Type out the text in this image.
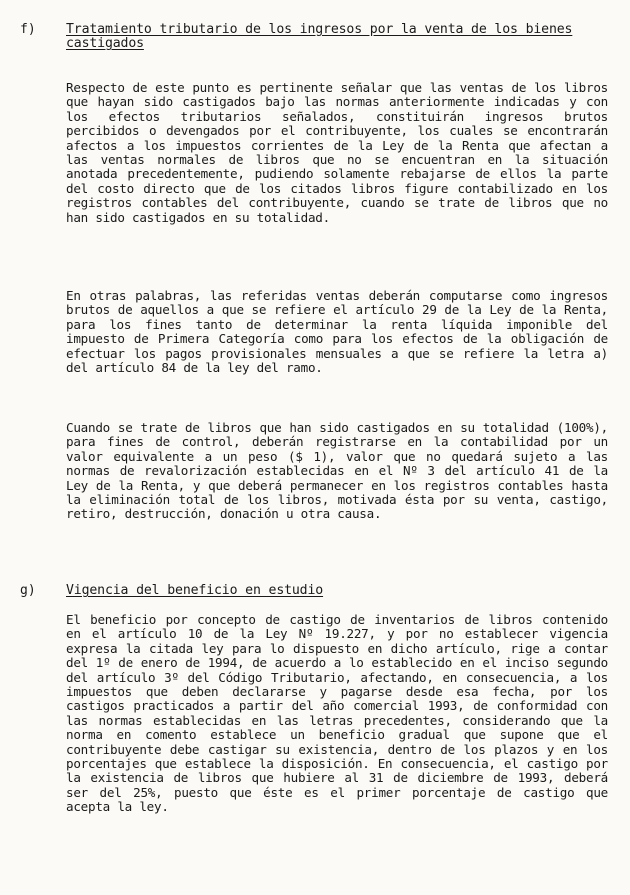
f) Tratamiento tributario de los ingresos por la venta de los bienes castigados
Respecto de este punto es pertinente señalar que las ventas de los libros que hayan sido castigados bajo las normas anteriormente indicadas y con los efectos tributarios señalados, constituirán ingresos brutos percibidos o devengados por el contribuyente, los cuales se encontrarán afectos a los impuestos corrientes de la Ley de la Renta que afectan a las ventas normales de libros que no se encuentran en la situación anotada precedentemente, pudiendo solamente rebajarse de ellos la parte del costo directo que de los citados libros figure contabilizado en los registros contables del contribuyente, cuando se trate de libros que no han sido castigados en su totalidad.
En otras palabras, las referidas ventas deberán computarse como ingresos brutos de aquellos a que se refiere el artículo 29 de la Ley de la Renta, para los fines tanto de determinar la renta líquida imponible del impuesto de Primera Categoría como para los efectos de la obligación de efectuar los pagos provisionales mensuales a que se refiere la letra a) del artículo 84 de la ley del ramo.
Cuando se trate de libros que han sido castigados en su totalidad (100%), para fines de control, deberán registrarse en la contabilidad por un valor equivalente a un peso ($ 1), valor que no quedará sujeto a las normas de revalorización establecidas en el Nº 3 del artículo 41 de la Ley de la Renta, y que deberá permanecer en los registros contables hasta la eliminación total de los libros, motivada ésta por su venta, castigo, retiro, destrucción, donación u otra causa.
g) Vigencia del beneficio en estudio
El beneficio por concepto de castigo de inventarios de libros contenido en el artículo 10 de la Ley Nº 19.227, y por no establecer vigencia expresa la citada ley para lo dispuesto en dicho artículo, rige a contar del 1º de enero de 1994, de acuerdo a lo establecido en el inciso segundo del artículo 3º del Código Tributario, afectando, en consecuencia, a los impuestos que deben declararse y pagarse desde esa fecha, por los castigos practicados a partir del año comercial 1993, de conformidad con las normas establecidas en las letras precedentes, considerando que la norma en comento establece un beneficio gradual que supone que el contribuyente debe castigar su existencia, dentro de los plazos y en los porcentajes que establece la disposición. En consecuencia, el castigo por la existencia de libros que hubiere al 31 de diciembre de 1993, deberá ser del 25%, puesto que éste es el primer porcentaje de castigo que acepta la ley.
